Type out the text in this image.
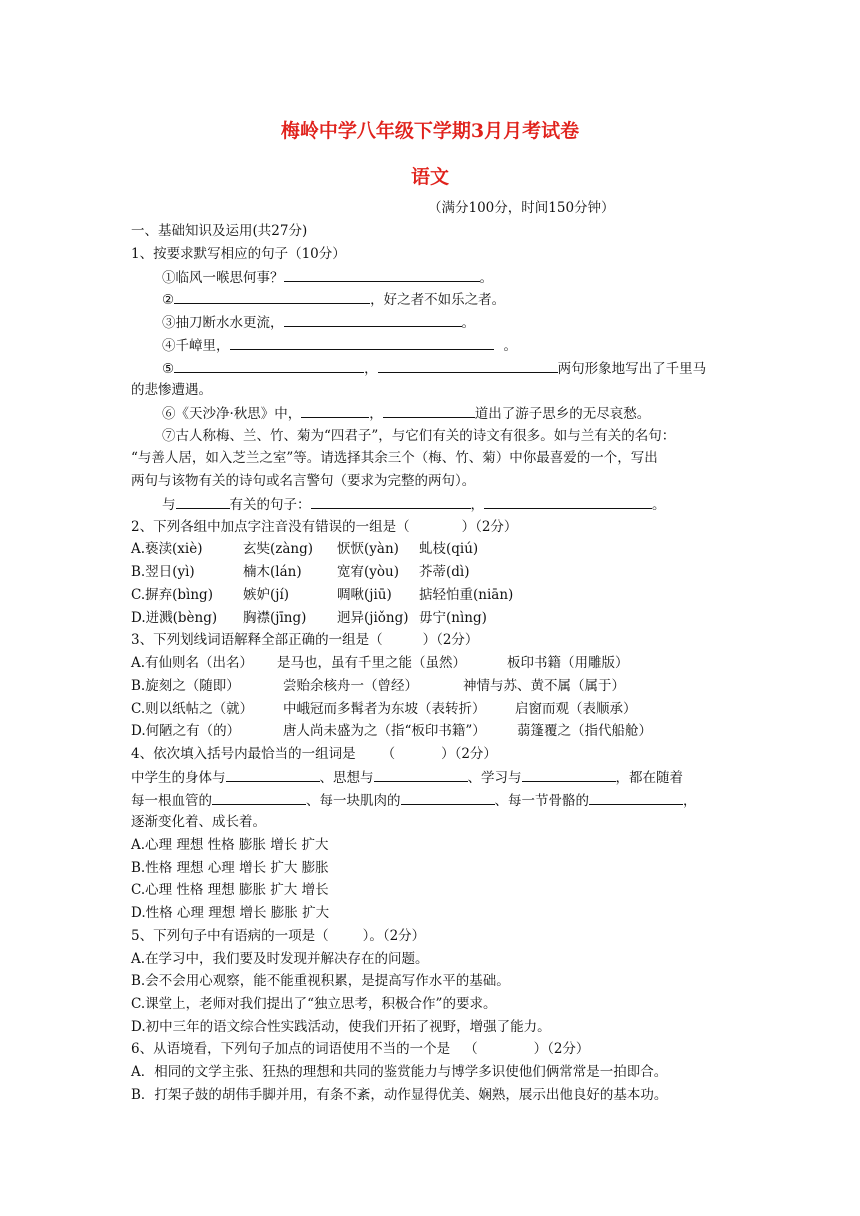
梅岭中学八年级下学期3月月考试卷
语文
（满分100分，时间150分钟）
一、基础知识及运用(共27分)
1、按要求默写相应的句子（10分）
①临风一喉思何事？	。
②	，好之者不如乐之者。
③抽刀断水水更流，	。
④千嶂里，	。
⑤	，	两句形象地写出了千里马
的悲惨遭遇。
⑥《天沙净·秋思》中，	，	道出了游子思乡的无尽哀愁。
⑦古人称梅、兰、竹、菊为“四君子”，与它们有关的诗文有很多。如与兰有关的名句：
“与善人居，如入芝兰之室”等。请选择其余三个（梅、竹、菊）中你最喜爱的一个，写出
两句与该物有关的诗句或名言警句（要求为完整的两句）。
与	有关的句子：	，	。
2、下列各组中加点字注音没有错误的一组是（	）（2分）
A.亵渎(xiè)	玄奘(zàng) 恹恹(yàn) 虬枝(qiú)
B.翌日(yì)	楠木(lán)	宽宥(yòu) 芥蒂(dì)
C.摒弃(bìng) 嫉妒(jí)	啁啾(jiū) 掂轻怕重(niān)
D.迸溅(bèng) 胸襟(jīng) 迥异(jiǒng) 毋宁(nìng)
3、下列划线词语解释全部正确的一组是（	）（2分）
A.有仙则名（出名） 是马也，虽有千里之能（虽然）	板印书籍（用雕版）
B.旋刻之（随即）	尝贻余核舟一（曾经）	神情与苏、黄不属（属于）
C.则以纸帖之（就） 中峨冠而多髯者为东坡（表转折） 启窗而观（表顺承）
D.何陋之有（的）	唐人尚未盛为之（指“板印书籍”） 蒻篷覆之（指代船舱）
4、依次填入括号内最恰当的一组词是 （	）（2分）
中学生的身体与	、思想与	、学习与	，都在随着
每一根血管的	、每一块肌肉的	、每一节骨骼的	，
逐渐变化着、成长着。
A.心理 理想 性格 膨胀 增长 扩大
B.性格 理想 心理 增长 扩大 膨胀
C.心理 性格 理想 膨胀 扩大 增长
D.性格 心理 理想 增长 膨胀 扩大
5、下列句子中有语病的一项是（	）。（2分）
A.在学习中，我们要及时发现并解决存在的问题。
B.会不会用心观察，能不能重视积累，是提高写作水平的基础。
C.课堂上，老师对我们提出了“独立思考，积极合作”的要求。
D.初中三年的语文综合性实践活动，使我们开拓了视野，增强了能力。
6、从语境看，下列句子加点的词语使用不当的一个是 （	）（2分）
A．相同的文学主张、狂热的理想和共同的鉴赏能力与博学多识使他们俩常常是一拍即合。
B．打架子鼓的胡伟手脚并用，有条不紊，动作显得优美、娴熟，展示出他良好的基本功。
